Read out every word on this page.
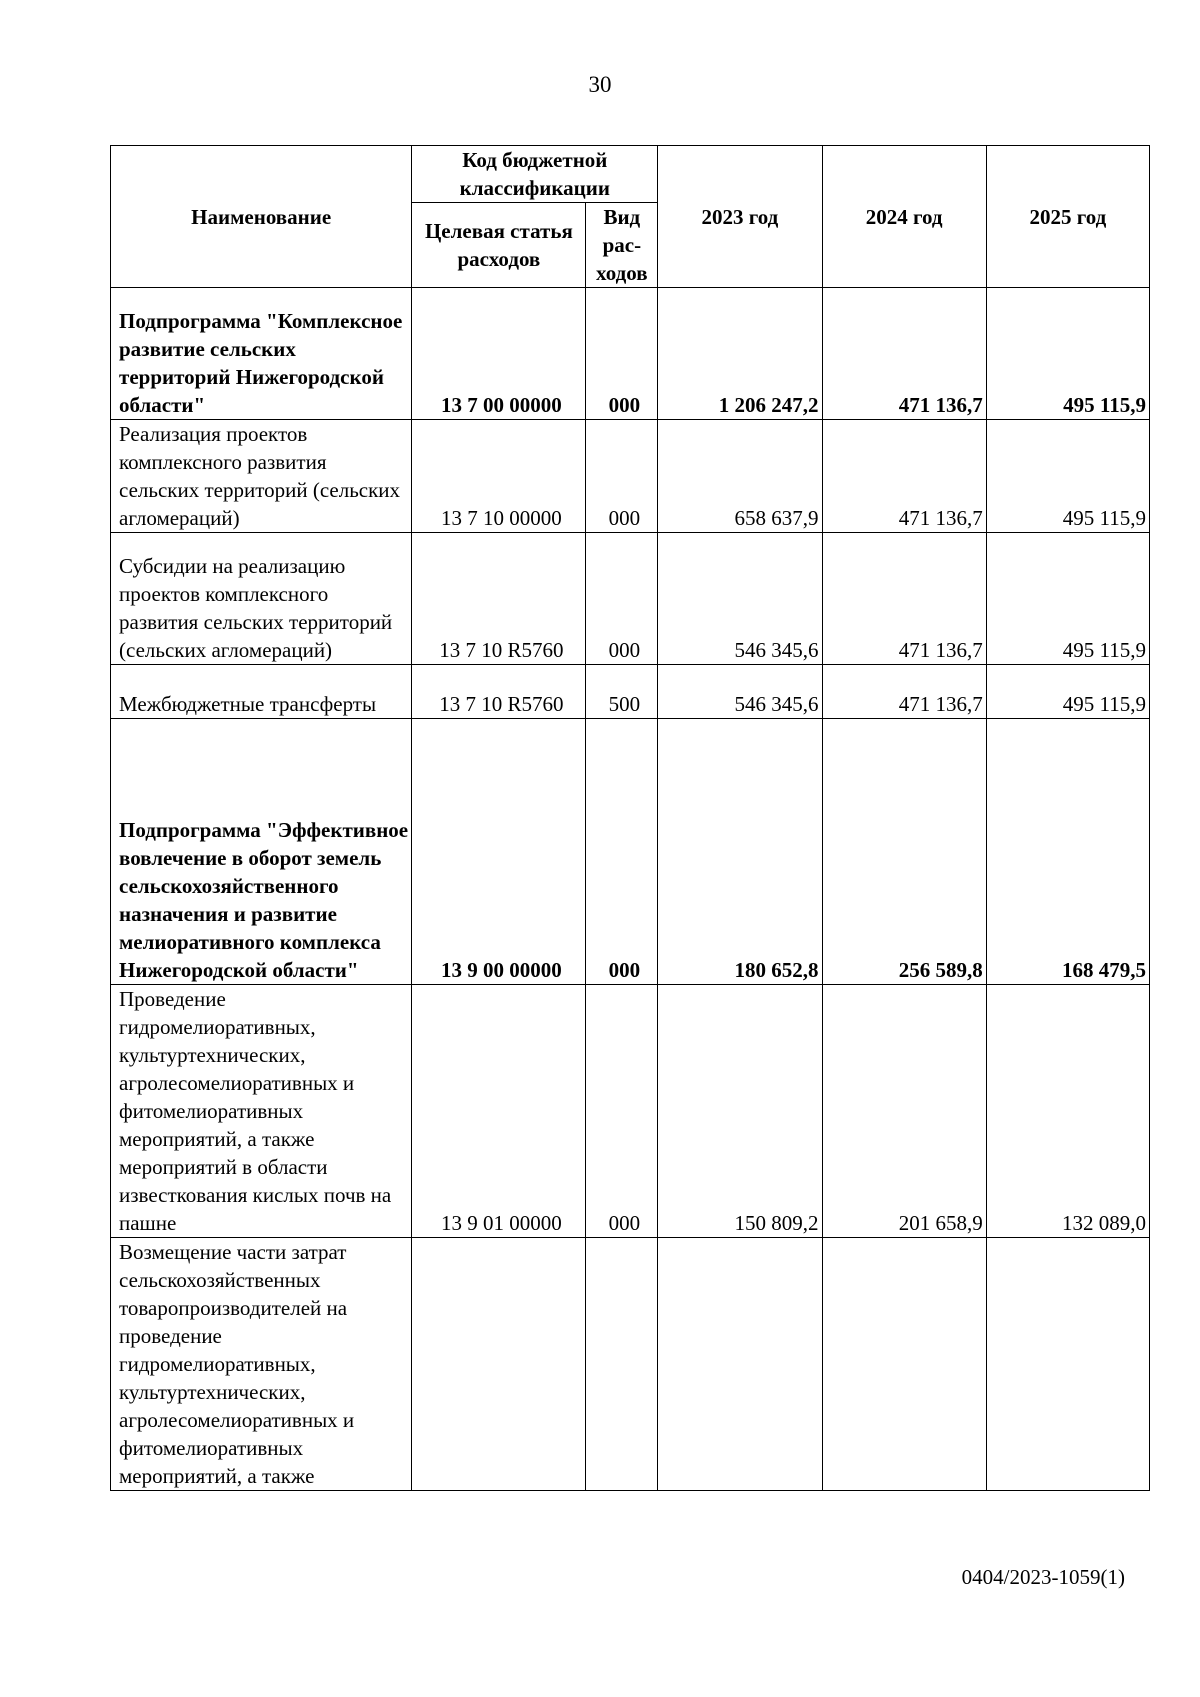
30
Наименование	Код бюджетной классификации		2023 год	2024 год	2025 год
	Целевая статья расходов	Вид рас-ходов			
Подпрограмма "Комплексное развитие сельских территорий Нижегородской области"	13 7 00 00000	000	1 206 247,2	471 136,7	495 115,9
Реализация проектов комплексного развития сельских территорий (сельских агломераций)	13 7 10 00000	000	658 637,9	471 136,7	495 115,9
Субсидии на реализацию проектов комплексного развития сельских территорий (сельских агломераций)	13 7 10 R5760	000	546 345,6	471 136,7	495 115,9
Межбюджетные трансферты	13 7 10 R5760	500	546 345,6	471 136,7	495 115,9
Подпрограмма "Эффективное вовлечение в оборот земель сельскохозяйственного назначения и развитие мелиоративного комплекса Нижегородской области"	13 9 00 00000	000	180 652,8	256 589,8	168 479,5
Проведение гидромелиоративных, культуртехнических, агролесомелиоративных и фитомелиоративных мероприятий, а также мероприятий в области известкования кислых почв на пашне	13 9 01 00000	000	150 809,2	201 658,9	132 089,0
Возмещение части затрат сельскохозяйственных товаропроизводителей на проведение гидромелиоративных, культуртехнических, агролесомелиоративных и фитомелиоративных мероприятий, а также					
0404/2023-1059(1)
